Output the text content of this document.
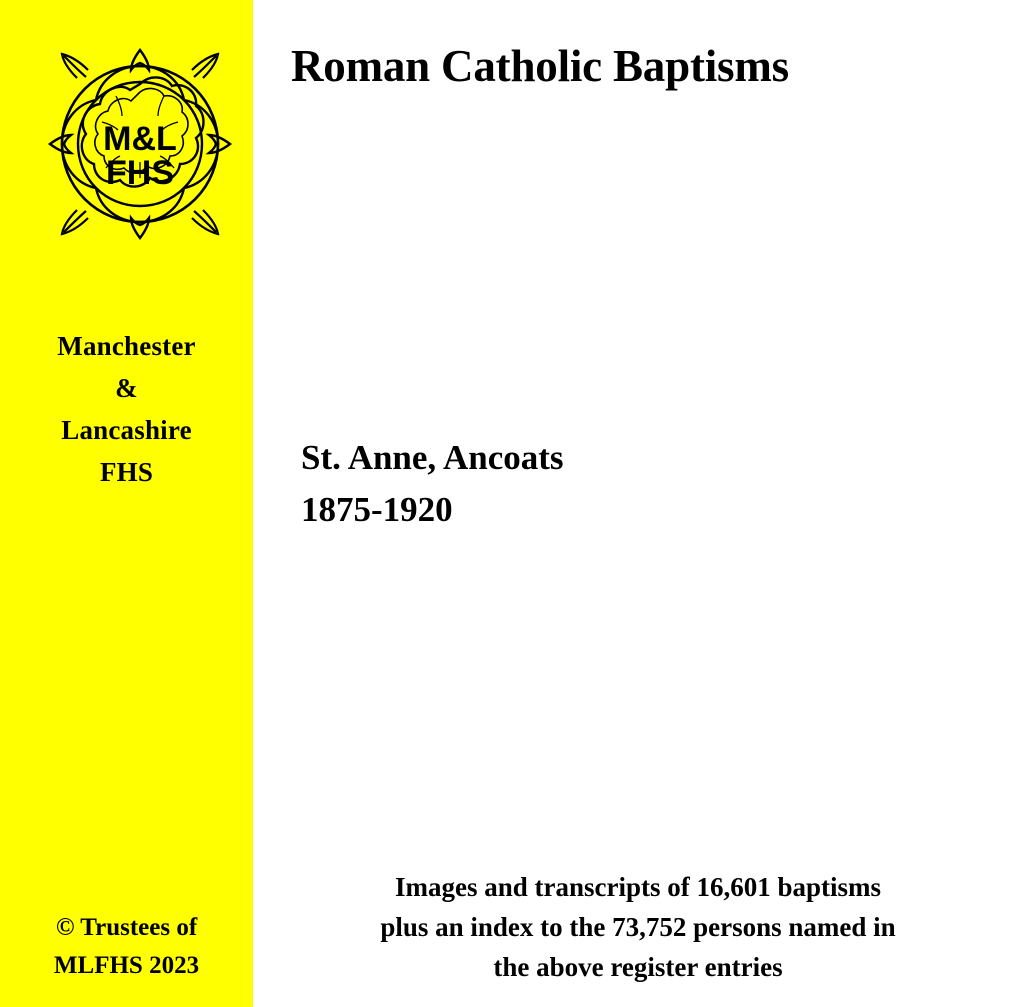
M&L
FHS
Manchester
&
Lancashire
FHS
© Trustees of
MLFHS 2023
Roman Catholic Baptisms
St. Anne, Ancoats
1875-1920
Images and transcripts of 16,601 baptisms
plus an index to the 73,752 persons named in
the above register entries
